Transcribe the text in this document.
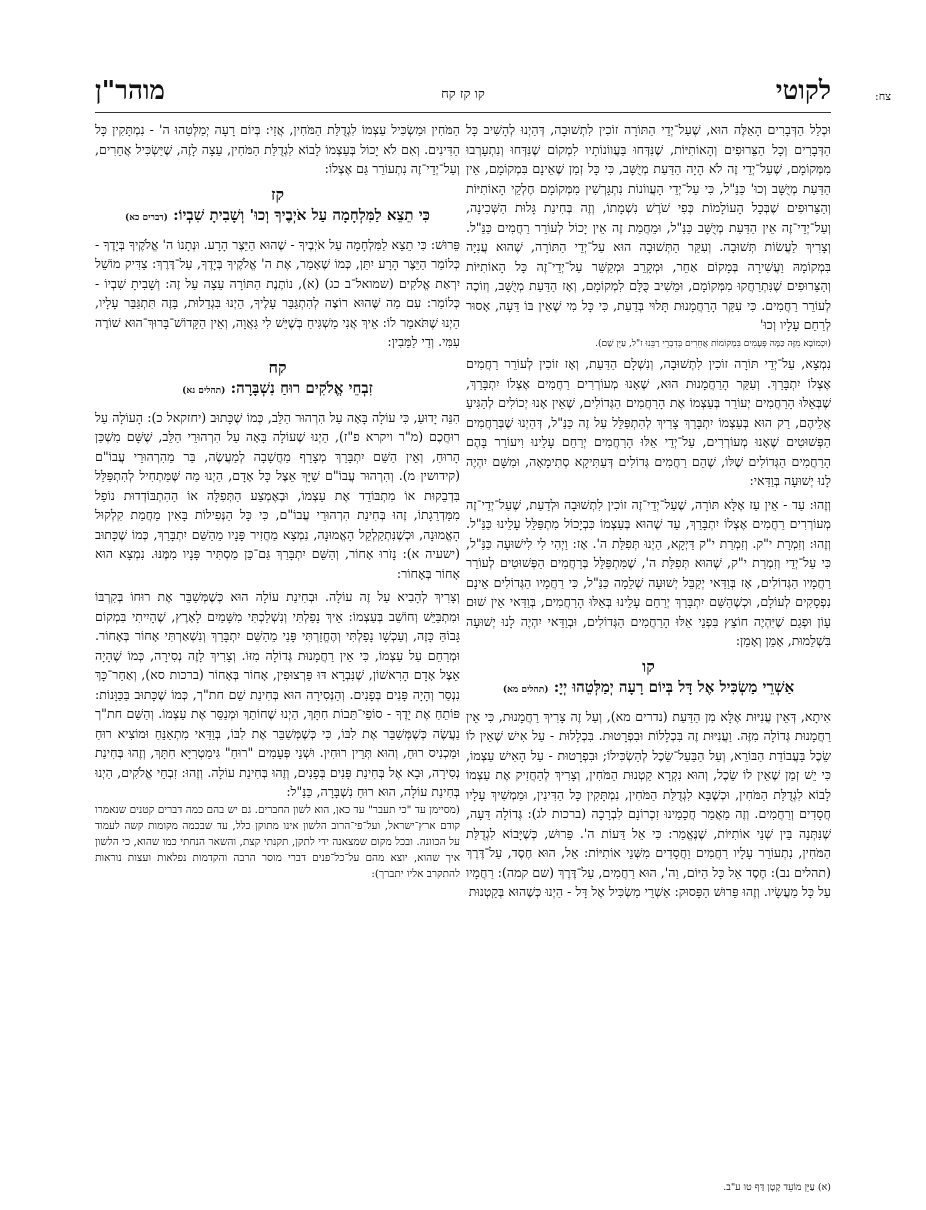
לקוטי
קו קז קח
מוהר"ן	צח:

וּכְלַל הַדְּבָרִים הָאֵלֶּה הוּא, שֶׁעַל־יְדֵי הַתּוֹרָה זוֹכִין לִתְשׁוּבָה, דְּהַיְנוּ לְהָשִׁיב כָּל הַדְּבָרִים וְכָל הַצֵּרוּפִים וְהָאוֹתִיּוֹת, שֶׁנִּדְּחוּ בַּעֲווֹנוֹתָיו לִמְקוֹם שֶׁנִּדְּחוּ וְנִתְעָרְבוּ מִמְּקוֹמָם, שֶׁעַל־יְדֵי זֶה לֹא הָיָה הַדַּעַת מְיֻשָּׁב, כִּי כָּל זְמַן שֶׁאֵינָם בִּמְקוֹמָם, אֵין הַדַּעַת מְיֻשָּׁב וְכוּ' כַּנַּ"ל, כִּי עַל־יְדֵי הָעֲווֹנוֹת נִתְגָּרְשִׁין מִמְּקוֹמָם חֶלְקֵי הָאוֹתִיּוֹת וְהַצֵּרוּפִים שֶׁבְּכָל הָעוֹלָמוֹת כְּפִי שֹׁרֶשׁ נִשְׁמָתוֹ, וְזֶה בְּחִינַת גָּלוּת הַשְּׁכִינָה, וְעַל־יְדֵי־זֶה אֵין הַדַּעַת מְיֻשָּׁב כַּנַּ"ל, וּמֵחֲמַת זֶה אֵין יָכוֹל לְעוֹרֵר רַחֲמִים כַּנַּ"ל. וְצָרִיךְ לַעֲשׂוֹת תְּשׁוּבָה. וְעִקַּר הַתְּשׁוּבָה הוּא עַל־יְדֵי הַתּוֹרָה, שֶׁהוּא עֲנִיָּה בִּמְקוֹמָהּ וַעֲשִׁירָה בְּמָקוֹם אַחֵר, וּמְקָרֵב וּמְקַשֵּׁר עַל־יְדֵי־זֶה כָּל הָאוֹתִיּוֹת וְהַצֵּרוּפִים שֶׁנִּתְרַחֲקוּ מִמְּקוֹמָם, וּמֵשִׁיב כֻּלָּם לִמְקוֹמָם, וְאָז הַדַּעַת מְיֻשָּׁב, וְזוֹכֶה לְעוֹרֵר רַחֲמִים. כִּי עִקַּר הָרַחֲמָנוּת תָּלוּי בְּדַעַת, כִּי כָּל מִי שֶׁאֵין בּוֹ דֵּעָה, אָסוּר לְרַחֵם עָלָיו וְכוּ'

(וּכְמוֹבָא מִזֶּה כַּמָּה פְּעָמִים בִּמְקוֹמוֹת אֲחֵרִים בְּדִבְרֵי רַבֵּנוּ ז"ל, עַיֵּן שָׁם).

נִמְצָא, עַל־יְדֵי תּוֹרָה זוֹכִין לִתְשׁוּבָה, וְנִשְׁלָם הַדַּעַת, וְאָז זוֹכִין לְעוֹרֵר רַחֲמִים אֶצְלוֹ יִתְבָּרַךְ. וְעִקַּר הָרַחֲמָנוּת הוּא, שֶׁאָנוּ מְעוֹרְרִים רַחֲמִים אֶצְלוֹ יִתְבָּרַךְ, שֶׁבְּאֵלּוּ הָרַחֲמִים יְעוֹרֵר בְּעַצְמוֹ אֶת הָרַחֲמִים הַגְּדוֹלִים, שֶׁאֵין אָנוּ יְכוֹלִים לְהַגִּיעַ אֲלֵיהֶם, רַק הוּא בְּעַצְמוֹ יִתְבָּרַךְ צָרִיךְ לְהִתְפַּלֵּל עַל זֶה כַּנַּ"ל, דְּהַיְנוּ שֶׁבְּרַחֲמִים הַפְּשׁוּטִים שֶׁאָנוּ מְעוֹרְרִים, עַל־יְדֵי אֵלּוּ הָרַחֲמִים יְרַחֵם עָלֵינוּ וִיעוֹרֵר בָּהֶם הָרַחֲמִים הַגְּדוֹלִים שֶׁלּוֹ, שֶׁהֵם רַחֲמִים גְּדוֹלִים דְּעַתִּיקָא סְתִימָאָה, וּמִשָּׁם יִהְיֶה לָנוּ יְשׁוּעָה בְּוַדַּאי:

וְזֶהוּ: עַד - אֵין עַז אֶלָּא תּוֹרָה, שֶׁעַל־יְדֵי־זֶה זוֹכִין לִתְשׁוּבָה וּלְדַעַת, שֶׁעַל־יְדֵי־זֶה מְעוֹרְרִים רַחֲמִים אֶצְלוֹ יִתְבָּרַךְ, עַד שֶׁהוּא בְּעַצְמוֹ כִּבְיָכוֹל מִתְפַּלֵּל עָלֵינוּ כַּנַּ"ל. וְזֶהוּ: וְזִמְרָת י"ק. וְזִמְרַת י"ק דַּיְקָא, הַיְנוּ תְּפִלַּת ה'. אָז: וַיְהִי לִי לִישׁוּעָה כַּנַּ"ל, כִּי עַל־יְדֵי וְזִמְרַת י"ק, שֶׁהוּא תְּפִלַּת ה', שֶׁמִּתְפַּלֵּל בְּרַחֲמִים הַפְּשׁוּטִים לְעוֹרֵר רַחֲמָיו הַגְּדוֹלִים, אָז בְּוַדַּאי יְקַבֵּל יְשׁוּעָה שְׁלֵמָה כַּנַּ"ל, כִּי רַחֲמָיו הַגְּדוֹלִים אֵינָם נִפְסָקִים לְעוֹלָם, וּכְשֶׁהַשֵּׁם יִתְבָּרַךְ יְרַחֵם עָלֵינוּ בְּאֵלּוּ הָרַחֲמִים, בְּוַדַּאי אֵין שׁוּם עָוֹן וּפְגַם שֶׁיִּהְיֶה חוֹצֵץ בִּפְנֵי אֵלּוּ הָרַחֲמִים הַגְּדוֹלִים, וּבְוַדַּאי יִהְיֶה לָנוּ יְשׁוּעָה בִּשְׁלֵמוּת, אָמֵן וְאָמֵן:

קו
אַשְׁרֵי מַשְׂכִּיל אֶל דָּל בְּיוֹם רָעָה יְמַלְּטֵהוּ יְיָ: (תהלים מא)

אִיתָא, דְּאֵין עֲנִיּוּת אֶלָּא מִן הַדַּעַת (נדרים מא), וְעַל זֶה צָרִיךְ רַחֲמָנוּת, כִּי אֵין רַחֲמָנוּת גְּדוֹלָה מִזֶּה. וַעֲנִיּוּת זֶה בִּכְלָלוֹת וּבִפְרָטוּת. בִּכְלָלוּת - עַל אִישׁ שֶׁאֵין לוֹ שֵׂכֶל בַּעֲבוֹדַת הַבּוֹרֵא, וְעַל הַבַּעַל־שֵׂכֶל לְהַשְׂכִּילוֹ; וּבִפְרָטוּת - עַל הָאִישׁ עַצְמוֹ, כִּי יֵשׁ זְמַן שֶׁאֵין לוֹ שֵׂכֶל, וְהוּא נִקְרָא קַטְנוּת הַמֹּחִין, וְצָרִיךְ לְהַחֲזִיק אֶת עַצְמוֹ לָבוֹא לִגְדֻלַּת הַמֹּחִין, וּכְשֶׁבָּא לִגְדֻלַּת הַמֹּחִין, נִמְתָּקִין כָּל הַדִּינִין, וּמַמְשִׁיךְ עָלָיו חֲסָדִים וְרַחֲמִים. וְזֶה מַאֲמַר חֲכָמֵינוּ זִכְרוֹנָם לִבְרָכָה (ברכות לג): גְּדוֹלָה דֵּעָה, שֶׁנִּתְּנָה בֵּין שְׁנֵי אוֹתִיּוֹת, שֶׁנֶּאֱמַר: כִּי אֵל דֵּעוֹת ה'. פֵּרוּשׁ, כְּשֶׁיָּבוֹא לִגְדֻלַּת הַמֹּחִין, נִתְעוֹרֵר עָלָיו רַחֲמִים וַחֲסָדִים מִשְּׁנֵי אוֹתִיּוֹת: אֵל, הוּא חֶסֶד, עַל־דֶּרֶךְ (תהלים נב): חֶסֶד אֵל כָּל הַיּוֹם, וַה', הוּא רַחֲמִים, עַל־דֶּרֶךְ (שם קמה): רַחֲמָיו עַל כָּל מַעֲשָׂיו. וְזֶהוּ פֵּרוּשׁ הַפָּסוּק: אַשְׁרֵי מַשְׂכִּיל אֶל דָּל - הַיְנוּ כְּשֶׁהוּא בְּקַטְנוּת

הַמֹּחִין וּמַשְׂכִּיל עַצְמוֹ לִגְדֻלַּת הַמֹּחִין, אֲזַי: בְּיוֹם רָעָה יְמַלְּטֵהוּ ה' - נִמְתָּקִין כָּל הַדִּינִים. וְאִם לֹא יָכוֹל בְּעַצְמוֹ לָבוֹא לִגְדֻלַּת הַמֹּחִין, עֵצָה לָזֶה, שֶׁיַּשְׂכִּיל אֲחֵרִים, וְעַל־יְדֵי־זֶה נִתְעוֹרֵר גַּם אֶצְלוֹ:

קז
כִּי תֵצֵא לַמִּלְחָמָה עַל אֹיְבֶיךָ וְכוּ' וְשָׁבִיתָ שִׁבְיוֹ: (דברים כא)

פֵּרוּשׁ: כִּי תֵצֵא לַמִּלְחָמָה עַל אֹיְבֶיךָ - שֶׁהוּא הַיֵּצֶר הָרָע. וּנְתָנוֹ ה' אֱלֹקֶיךָ בְּיָדֶךָ - כְּלוֹמַר הַיֵּצֶר הָרָע יִתֵּן, כְּמוֹ שֶׁאָמַר, אֶת ה' אֱלֹקֶיךָ בְּיָדֶךָ, עַל־דֶּרֶךְ: צַדִּיק מוֹשֵׁל יִרְאַת אֱלֹקִים (שמואל־ב כג) (א), נוֹתֶנֶת הַתּוֹרָה עֵצָה עַל זֶה: וְשָׁבִיתָ שִׁבְיוֹ - כְּלוֹמַר: עִם מַה שֶּׁהוּא רוֹצֶה לְהִתְגַּבֵּר עָלֶיךָ, הַיְנוּ בִּגְדֵלוּת, בָּזֶה תִּתְגַּבֵּר עָלָיו, הַיְנוּ שֶׁתֹּאמַר לוֹ: אֵיךְ אֲנִי מַשְׁגִּיחַ בְּשֶׁיֵּשׁ לִי גַּאֲוָה, וְאֵין הַקָּדוֹשׁ־בָּרוּךְ־הוּא שׁוֹרֶה עִמִּי. וְדַי לַמֵּבִין:

קח
זִבְחֵי אֱלֹקִים רוּחַ נִשְׁבָּרָה: (תהלים נא)

הִנֵּה יָדוּעַ, כִּי עוֹלָה בָּאָה עַל הִרְהוּר הַלֵּב, כְּמוֹ שֶׁכָּתוּב (יחזקאל כ): הָעוֹלָה עַל רוּחֲכֶם (מ"ר ויקרא פ"ז), הַיְנוּ שֶׁעוֹלָה בָּאָה עַל הִרְהוּרֵי הַלֵּב, שֶׁשָּׁם מִשְׁכַּן הָרוּחַ, וְאֵין הַשֵּׁם יִתְבָּרַךְ מְצָרֵף מַחֲשָׁבָה לְמַעֲשֶׂה, בַּר מֵהִרְהוּרֵי עֲבוֹ"ם (קידושין מ). וְהִרְהוּר עֲבוֹ"ם שַׁיָּךְ אֵצֶל כָּל אָדָם, הַיְנוּ מַה שֶּׁמַּתְחִיל לְהִתְפַּלֵּל בִּדְבֵקוּת אוֹ מִתְבּוֹדֵד אֶת עַצְמוֹ, וּבְאֶמְצַע הַתְּפִלָּה אוֹ הַהִתְבּוֹדְדוּת נוֹפֵל מִמַּדְרֵגָתוֹ, זֶהוּ בְּחִינַת הִרְהוּרֵי עֲבוֹ"ם, כִּי כָּל הַנְּפִילוֹת בָּאִין מֵחֲמַת קִלְקוּל הָאֱמוּנָה, וּכְשֶׁנִּתְקַלְקֵל הָאֱמוּנָה, נִמְצָא מַחֲזִיר פָּנָיו מֵהַשֵּׁם יִתְבָּרַךְ, כְּמוֹ שֶׁכָּתוּב (ישעיה א): נָזֹרוּ אָחוֹר, וְהַשֵּׁם יִתְבָּרַךְ גַּם־כֵּן מַסְתִּיר פָּנָיו מִמֶּנּוּ. נִמְצָא הוּא אָחוֹר בְּאָחוֹר:

וְצָרִיךְ לְהָבִיא עַל זֶה עוֹלָה. וּבְחִינַת עוֹלָה הוּא כְּשֶׁמְּשַׁבֵּר אֶת רוּחוֹ בְּקִרְבּוֹ וּמִתְבַּיֵּשׁ וְחוֹשֵׁב בְּעַצְמוֹ: אֵיךְ נָפַלְתִּי וְנִשְׁלַכְתִּי מִשָּׁמַיִם לָאָרֶץ, שֶׁהָיִיתִי בִּמְקוֹם גָּבוֹהַּ כָּזֶה, וְעַכְשָׁו נָפַלְתִּי וְהֶחֱזַרְתִּי פָּנַי מֵהַשֵּׁם יִתְבָּרַךְ וְנִשְׁאַרְתִּי אָחוֹר בְּאָחוֹר. וּמְרַחֵם עַל עַצְמוֹ, כִּי אֵין רַחֲמָנוּת גְּדוֹלָה מִזּוֹ. וְצָרִיךְ לָזֶה נְסִירָה, כְּמוֹ שֶׁהָיָה אֵצֶל אָדָם הָרִאשׁוֹן, שֶׁנִּבְרָא דּוּ פַּרְצוּפִין, אָחוֹר בְּאָחוֹר (ברכות סא), וְאַחַר־כָּךְ נִנְסַר וְהָיָה פָּנִים בְּפָנִים. וְהַנְּסִירָה הוּא בְּחִינַת שֵׁם חת"ך, כְּמוֹ שֶׁכָּתוּב בַּכַּוָּנוֹת: פּוֹתֵחַ אֶת יָדֶךָ - סוֹפֵי־תֵּבוֹת חִתָּךְ, הַיְנוּ שֶׁחוֹתֵךְ וּמְנַסֵּר אֶת עַצְמוֹ. וְהַשֵּׁם חת"ך נַעֲשֶׂה כְּשֶׁמְּשַׁבֵּר אֶת לִבּוֹ, כִּי כְּשֶׁמְּשַׁבֵּר אֶת לִבּוֹ, בְּוַדַּאי מִתְאַנֵּחַ וּמוֹצִיא רוּחַ וּמַכְנִיס רוּחַ, וְהוּא תְּרֵין רוּחִין. וּשְׁנֵי פְּעָמִים "רוּחַ" גִּימַטְרִיָּא חִתָּךְ, וְזֶהוּ בְּחִינַת נְסִירָה, וּבָא אֶל בְּחִינַת פָּנִים בְּפָנִים, וְזֶהוּ בְּחִינַת עוֹלָה. וְזֶהוּ: זִבְחֵי אֱלֹקִים, הַיְנוּ בְּחִינַת עוֹלָה, הוּא רוּחַ נִשְׁבָּרָה, כַּנַּ"ל:

(מסיימן עד "כי תעבר" עד כאן, הוא לשון החברים. גם יש בהם כמה דברים קטנים שנאמרו קודם ארץ־ישראל, ועל־פי־הרוב הלשון אינו מתוקן כלל, עד שבכמה מקומות קשה לעמוד על הכוונה. ובכל מקום שמצאנה ידי לתקן, תקנתי קצת, והשאר הנחתי כמו שהוא, כי הלשון איך שהוא, יוצא מהם על־כל־פנים דברי מוסר הרבה והקדמות נפלאות ועצות נוראות להתקרב אליו יתברך):

(א) עַיֵּן מוֹעֵד קָטָן דַּף טו ע"ב.
